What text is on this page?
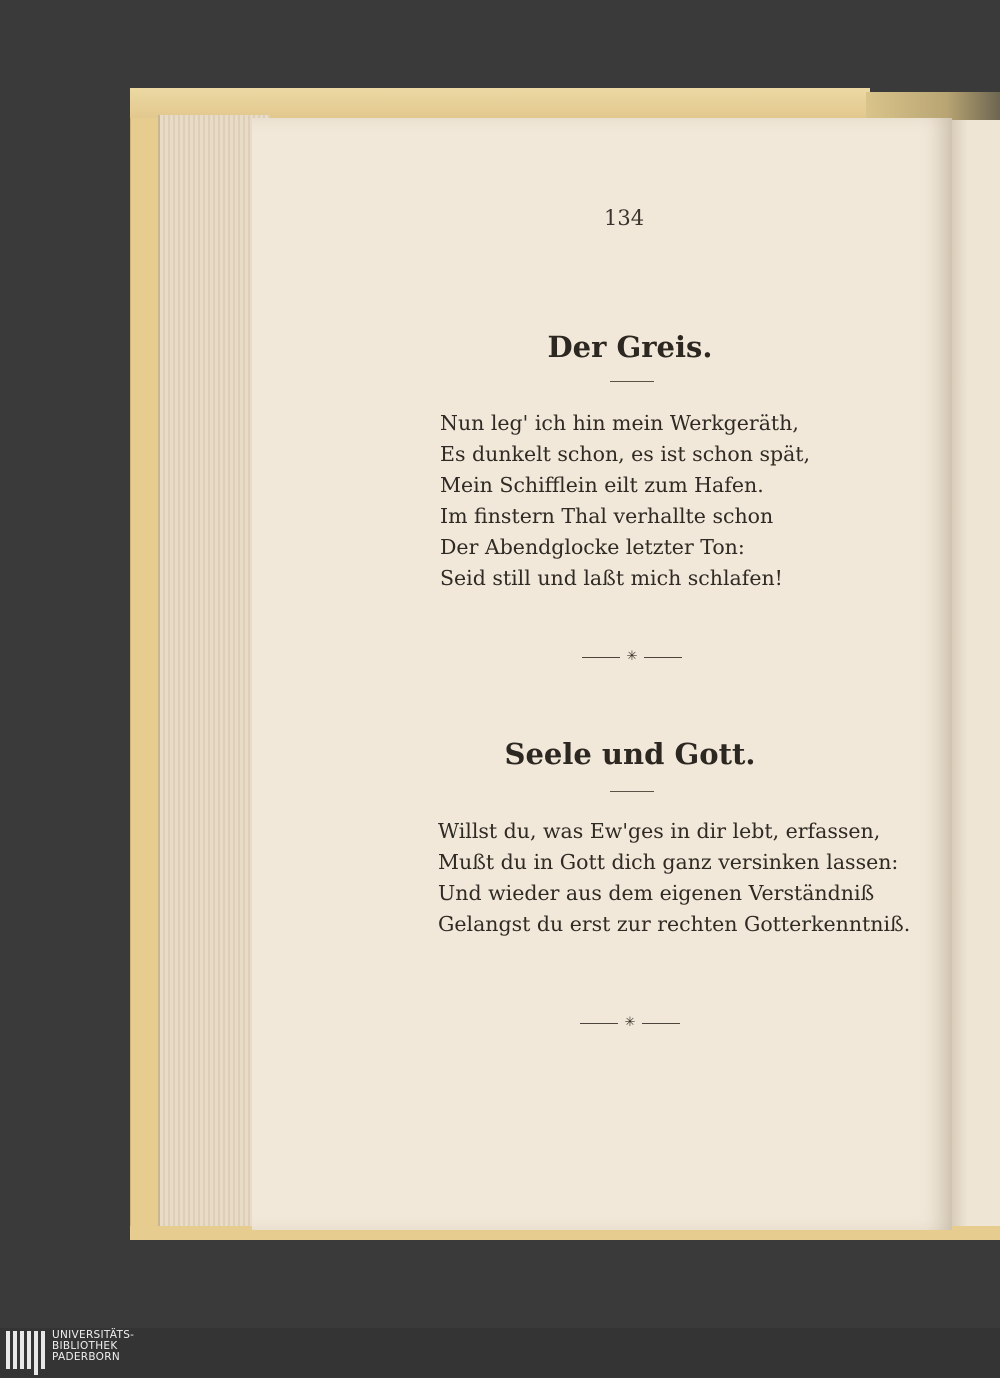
134
Der Greis.
Nun leg' ich hin mein Werkgeräth,
Es dunkelt schon, es ist schon spät,
Mein Schifflein eilt zum Hafen.
Im finstern Thal verhallte schon
Der Abendglocke letzter Ton:
Seid still und laßt mich schlafen!
✳
Seele und Gott.
Willst du, was Ew'ges in dir lebt, erfassen,
Mußt du in Gott dich ganz versinken lassen:
Und wieder aus dem eigenen Verständniß
Gelangst du erst zur rechten Gotterkenntniß.
✳
UNIVERSITÄTS-
BIBLIOTHEK
PADERBORN
